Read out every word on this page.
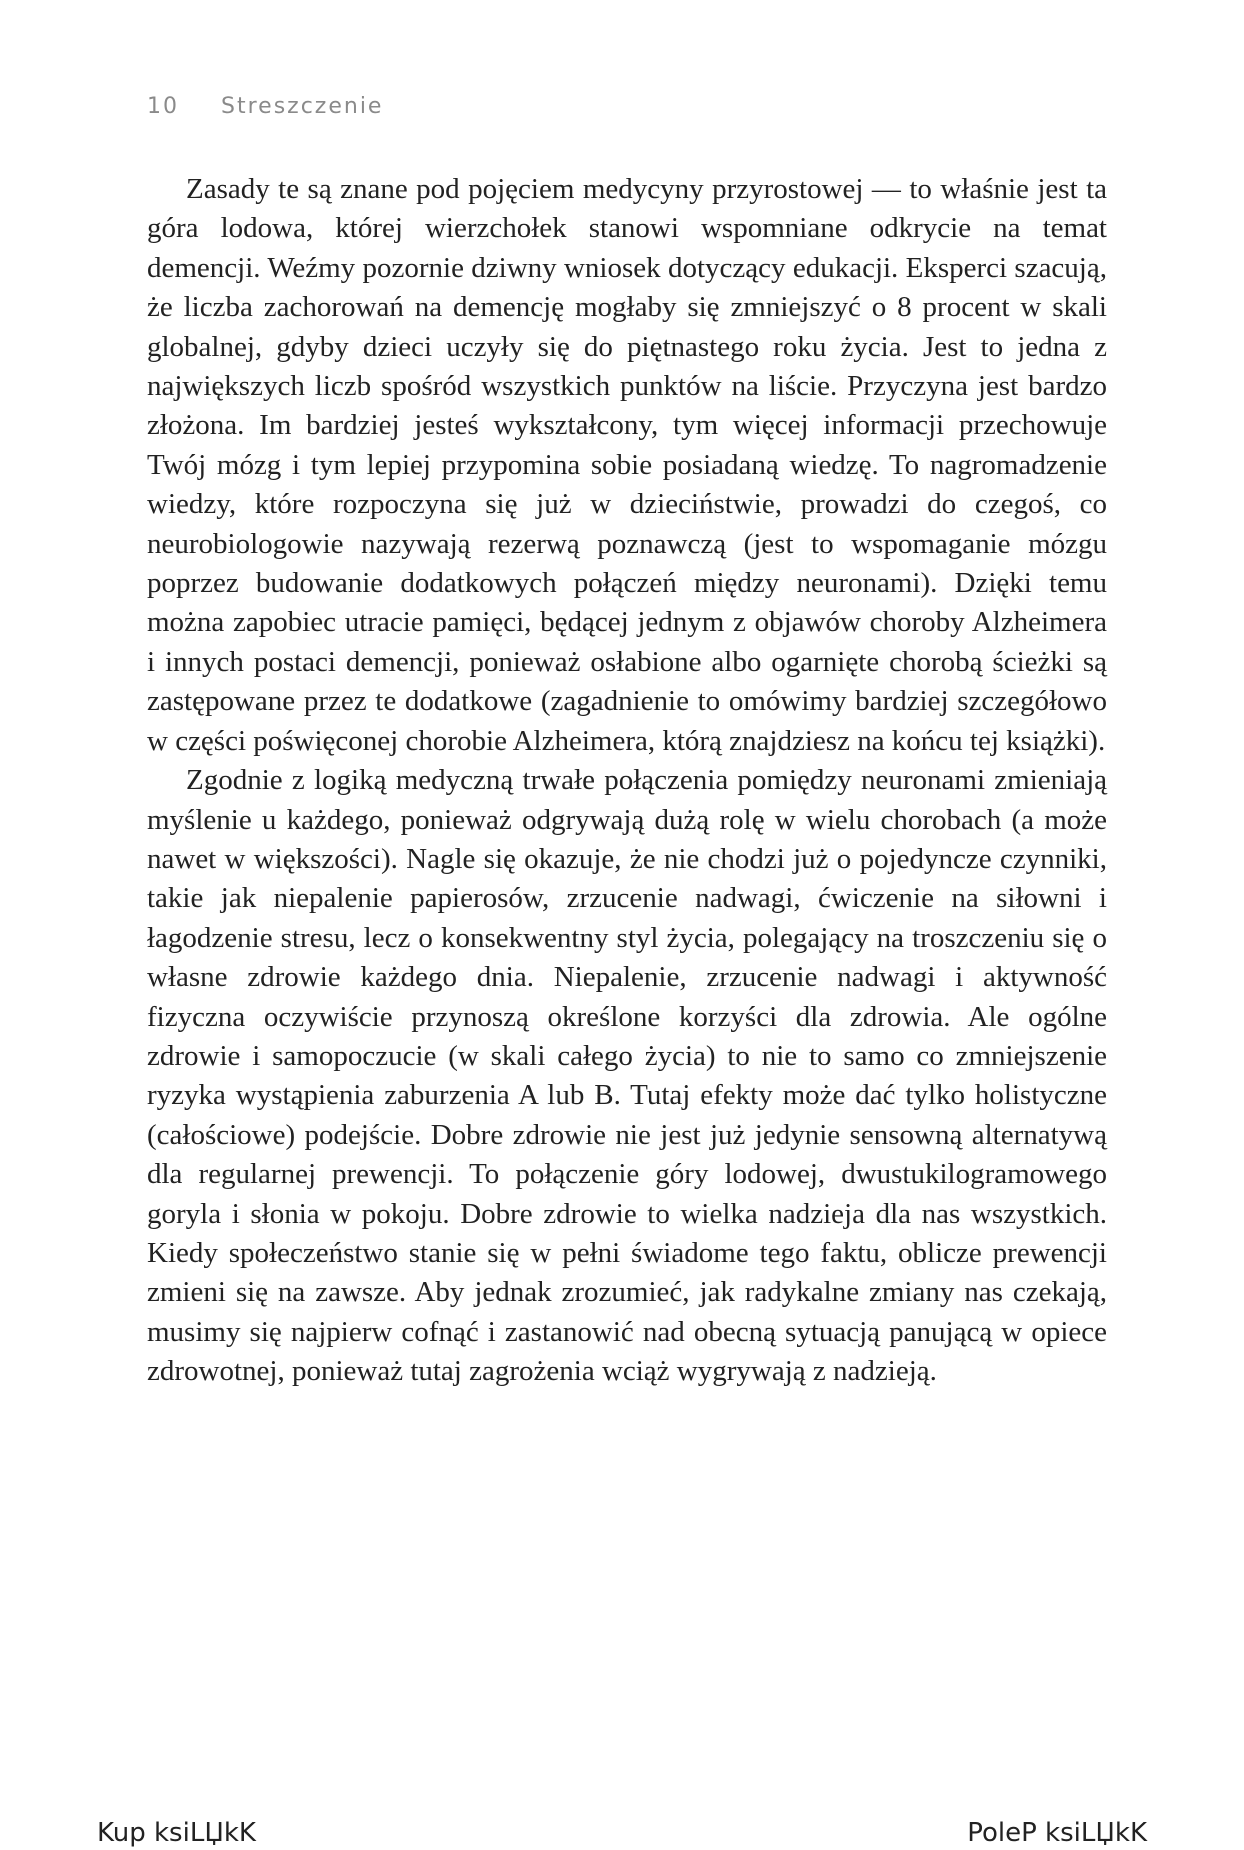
10 Streszczenie

Zasady te są znane pod pojęciem medycyny przyrostowej — to właśnie jest ta góra lodowa, której wierzchołek stanowi wspomniane odkrycie na temat demencji. Weźmy pozornie dziwny wniosek dotyczący edukacji. Eksperci szacują, że liczba zachorowań na demencję mogłaby się zmniejszyć o 8 procent w skali globalnej, gdyby dzieci uczyły się do piętnastego roku życia. Jest to jedna z największych liczb spośród wszystkich punktów na liście. Przyczyna jest bardzo złożona. Im bardziej jesteś wykształcony, tym więcej informacji przechowuje Twój mózg i tym lepiej przypomina sobie posiadaną wiedzę. To nagromadzenie wiedzy, które rozpoczyna się już w dzieciństwie, prowadzi do czegoś, co neurobiologowie nazywają rezerwą poznawczą (jest to wspomaganie mózgu poprzez budowanie dodatkowych połączeń między neuronami). Dzięki temu można zapobiec utracie pamięci, będącej jednym z objawów choroby Alzheimera i innych postaci demencji, ponieważ osłabione albo ogarnięte chorobą ścieżki są zastępowane przez te dodatkowe (zagadnienie to omówimy bardziej szczegółowo w części poświęconej chorobie Alzheimera, którą znajdziesz na końcu tej książki).

Zgodnie z logiką medyczną trwałe połączenia pomiędzy neuronami zmieniają myślenie u każdego, ponieważ odgrywają dużą rolę w wielu chorobach (a może nawet w większości). Nagle się okazuje, że nie chodzi już o pojedyncze czynniki, takie jak niepalenie papierosów, zrzucenie nadwagi, ćwiczenie na siłowni i łagodzenie stresu, lecz o konsekwentny styl życia, polegający na troszczeniu się o własne zdrowie każdego dnia. Niepalenie, zrzucenie nadwagi i aktywność fizyczna oczywiście przynoszą określone korzyści dla zdrowia. Ale ogólne zdrowie i samopoczucie (w skali całego życia) to nie to samo co zmniejszenie ryzyka wystąpienia zaburzenia A lub B. Tutaj efekty może dać tylko holistyczne (całościowe) podejście. Dobre zdrowie nie jest już jedynie sensowną alternatywą dla regularnej prewencji. To połączenie góry lodowej, dwustukilogramowego goryla i słonia w pokoju. Dobre zdrowie to wielka nadzieja dla nas wszystkich. Kiedy społeczeństwo stanie się w pełni świadome tego faktu, oblicze prewencji zmieni się na zawsze. Aby jednak zrozumieć, jak radykalne zmiany nas czekają, musimy się najpierw cofnąć i zastanowić nad obecną sytuacją panującą w opiece zdrowotnej, ponieważ tutaj zagrożenia wciąż wygrywają z nadzieją.

Kup ksiLЏkK	PoleP ksiLЏkK
